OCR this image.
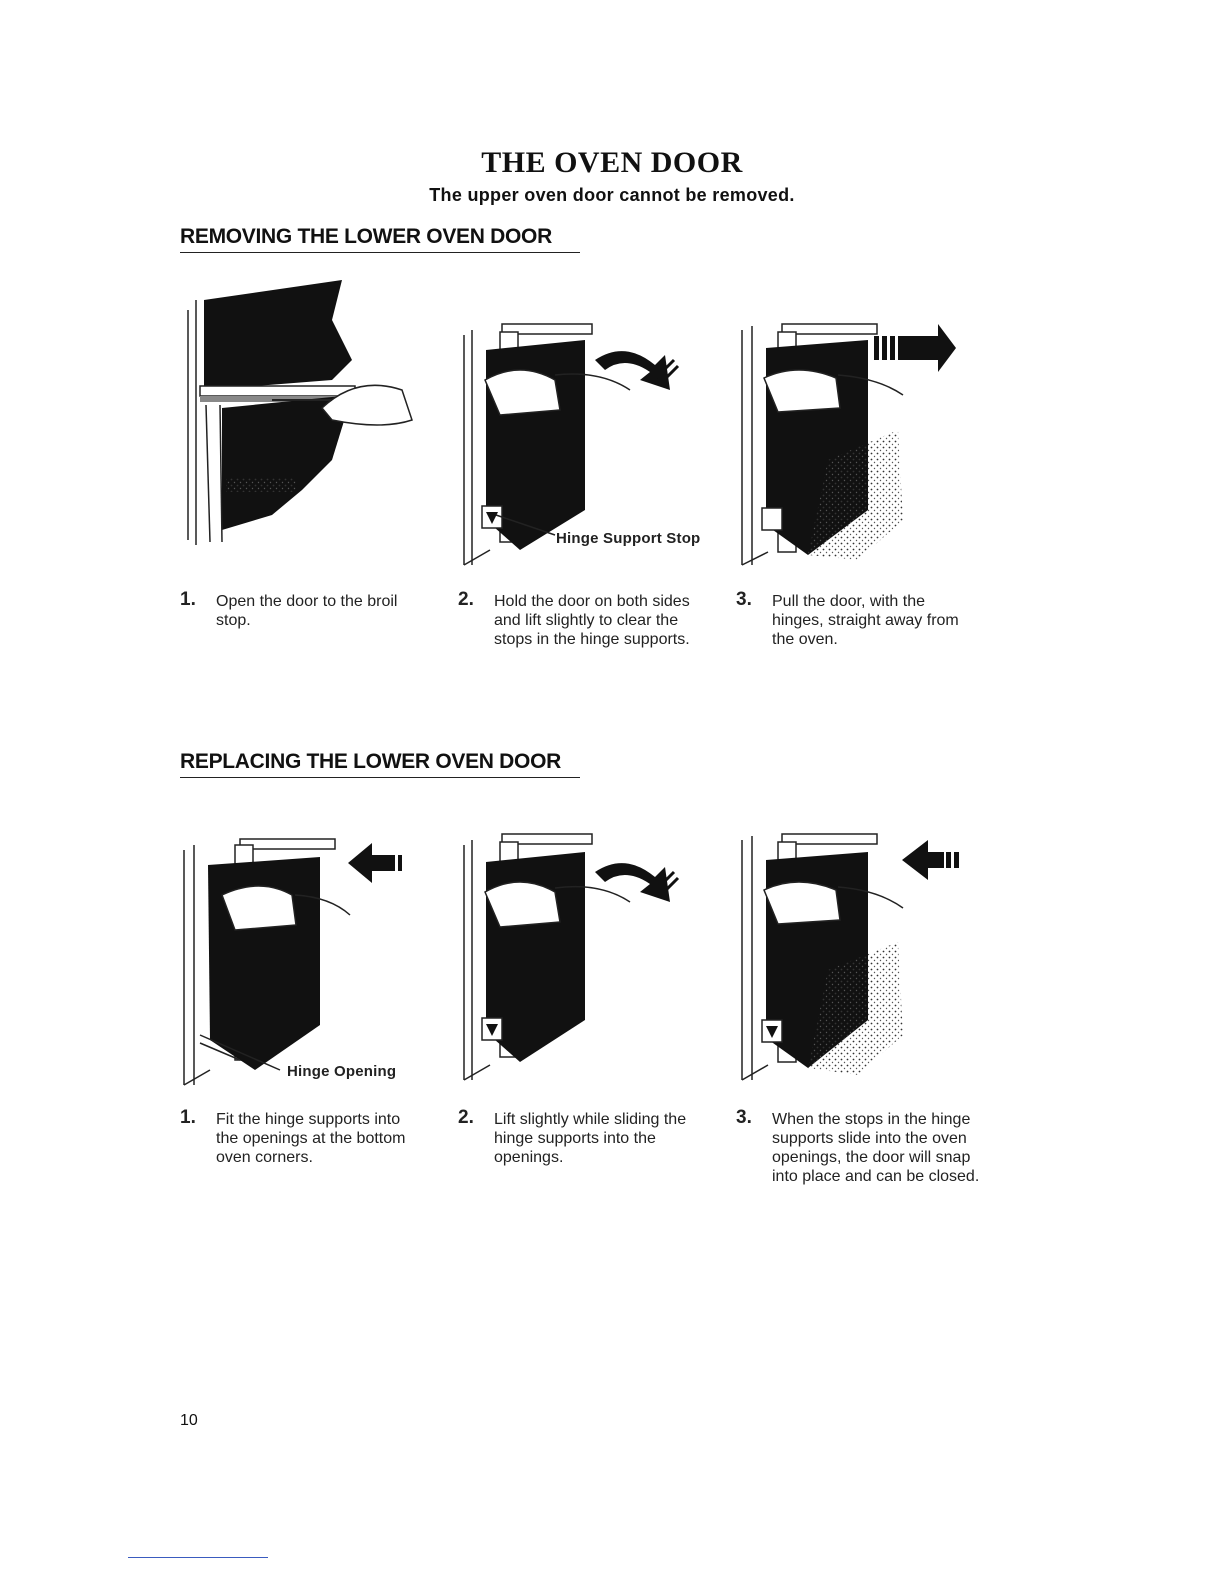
THE OVEN DOOR

The upper oven door cannot be removed.

REMOVING THE LOWER OVEN DOOR
Hinge Support Stop
1. Open the door to the broil stop.
2. Hold the door on both sides and lift slightly to clear the stops in the hinge supports.
3. Pull the door, with the hinges, straight away from the oven.
REPLACING THE LOWER OVEN DOOR
Hinge Opening
1. Fit the hinge supports into the openings at the bottom oven corners.
2. Lift slightly while sliding the hinge supports into the openings.
3. When the stops in the hinge supports slide into the oven openings, the door will snap into place and can be closed.
10
